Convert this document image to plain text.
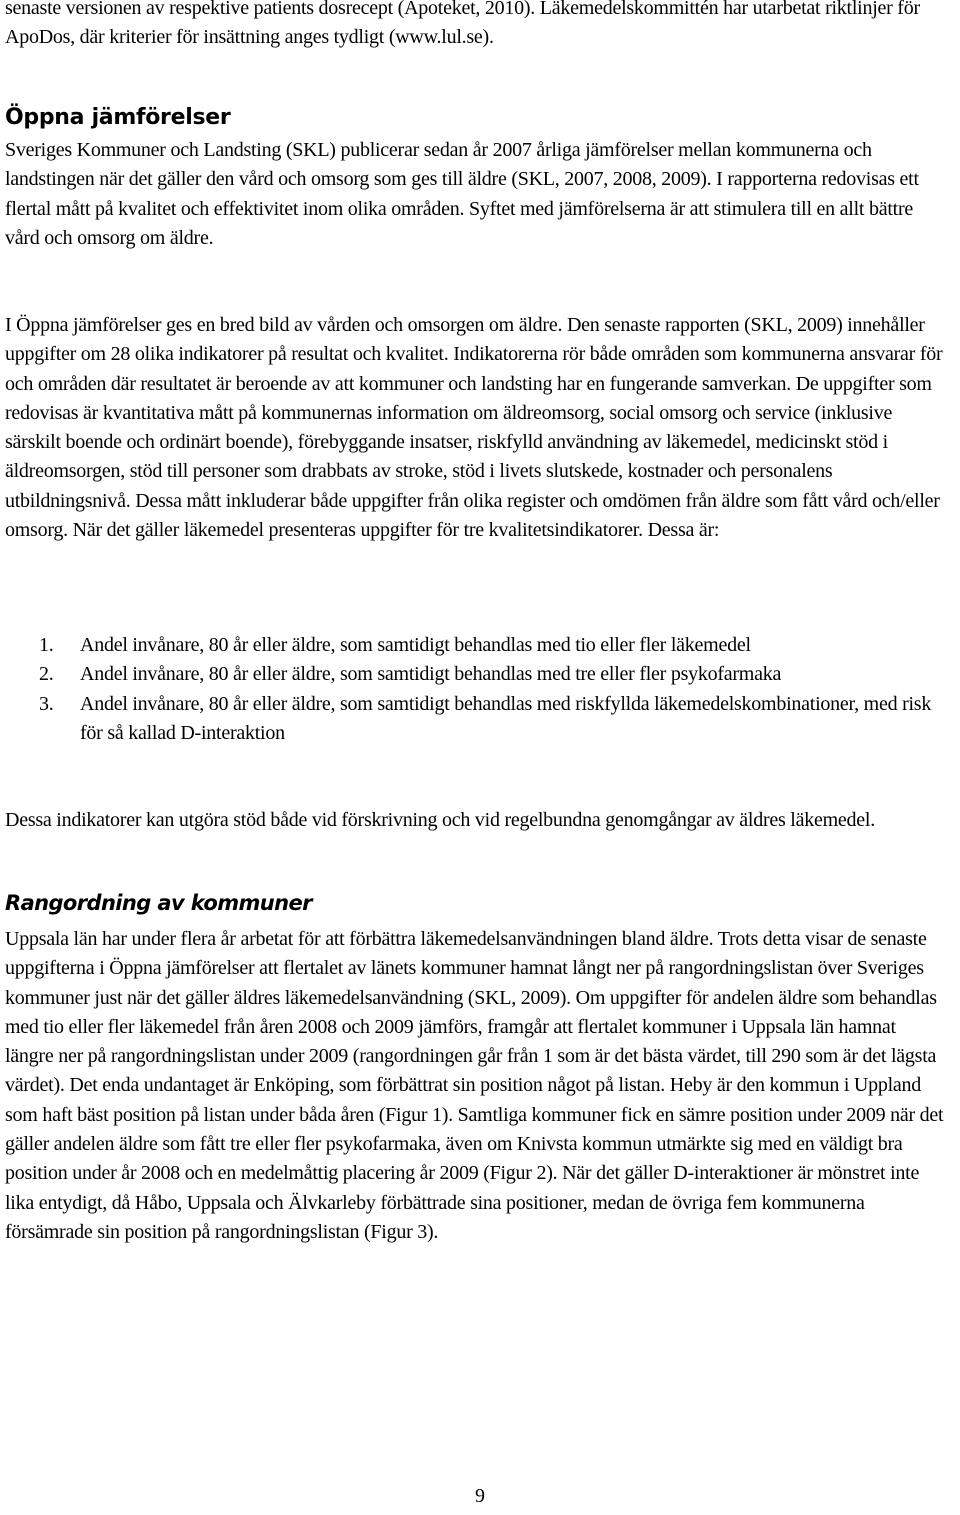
senaste versionen av respektive patients dosrecept (Apoteket, 2010). Läkemedelskommittén har utarbetat riktlinjer för ApoDos, där kriterier för insättning anges tydligt (www.lul.se).

Öppna jämförelser

Sveriges Kommuner och Landsting (SKL) publicerar sedan år 2007 årliga jämförelser mellan kommunerna och landstingen när det gäller den vård och omsorg som ges till äldre (SKL, 2007, 2008, 2009). I rapporterna redovisas ett flertal mått på kvalitet och effektivitet inom olika områden. Syftet med jämförelserna är att stimulera till en allt bättre vård och omsorg om äldre.

I Öppna jämförelser ges en bred bild av vården och omsorgen om äldre. Den senaste rapporten (SKL, 2009) innehåller uppgifter om 28 olika indikatorer på resultat och kvalitet. Indikatorerna rör både områden som kommunerna ansvarar för och områden där resultatet är beroende av att kommuner och landsting har en fungerande samverkan. De uppgifter som redovisas är kvantitativa mått på kommunernas information om äldreomsorg, social omsorg och service (inklusive särskilt boende och ordinärt boende), förebyggande insatser, riskfylld användning av läkemedel, medicinskt stöd i äldreomsorgen, stöd till personer som drabbats av stroke, stöd i livets slutskede, kostnader och personalens utbildningsnivå. Dessa mått inkluderar både uppgifter från olika register och omdömen från äldre som fått vård och/eller omsorg. När det gäller läkemedel presenteras uppgifter för tre kvalitetsindikatorer. Dessa är:

1. Andel invånare, 80 år eller äldre, som samtidigt behandlas med tio eller fler läkemedel
2. Andel invånare, 80 år eller äldre, som samtidigt behandlas med tre eller fler psykofarmaka
3. Andel invånare, 80 år eller äldre, som samtidigt behandlas med riskfyllda läkemedelskombinationer, med risk för så kallad D-interaktion

Dessa indikatorer kan utgöra stöd både vid förskrivning och vid regelbundna genomgångar av äldres läkemedel.

Rangordning av kommuner

Uppsala län har under flera år arbetat för att förbättra läkemedelsanvändningen bland äldre. Trots detta visar de senaste uppgifterna i Öppna jämförelser att flertalet av länets kommuner hamnat långt ner på rangordningslistan över Sveriges kommuner just när det gäller äldres läkemedelsanvändning (SKL, 2009). Om uppgifter för andelen äldre som behandlas med tio eller fler läkemedel från åren 2008 och 2009 jämförs, framgår att flertalet kommuner i Uppsala län hamnat längre ner på rangordningslistan under 2009 (rangordningen går från 1 som är det bästa värdet, till 290 som är det lägsta värdet). Det enda undantaget är Enköping, som förbättrat sin position något på listan. Heby är den kommun i Uppland som haft bäst position på listan under båda åren (Figur 1). Samtliga kommuner fick en sämre position under 2009 när det gäller andelen äldre som fått tre eller fler psykofarmaka, även om Knivsta kommun utmärkte sig med en väldigt bra position under år 2008 och en medelmåttig placering år 2009 (Figur 2). När det gäller D-interaktioner är mönstret inte lika entydigt, då Håbo, Uppsala och Älvkarleby förbättrade sina positioner, medan de övriga fem kommunerna försämrade sin position på rangordningslistan (Figur 3).

9
